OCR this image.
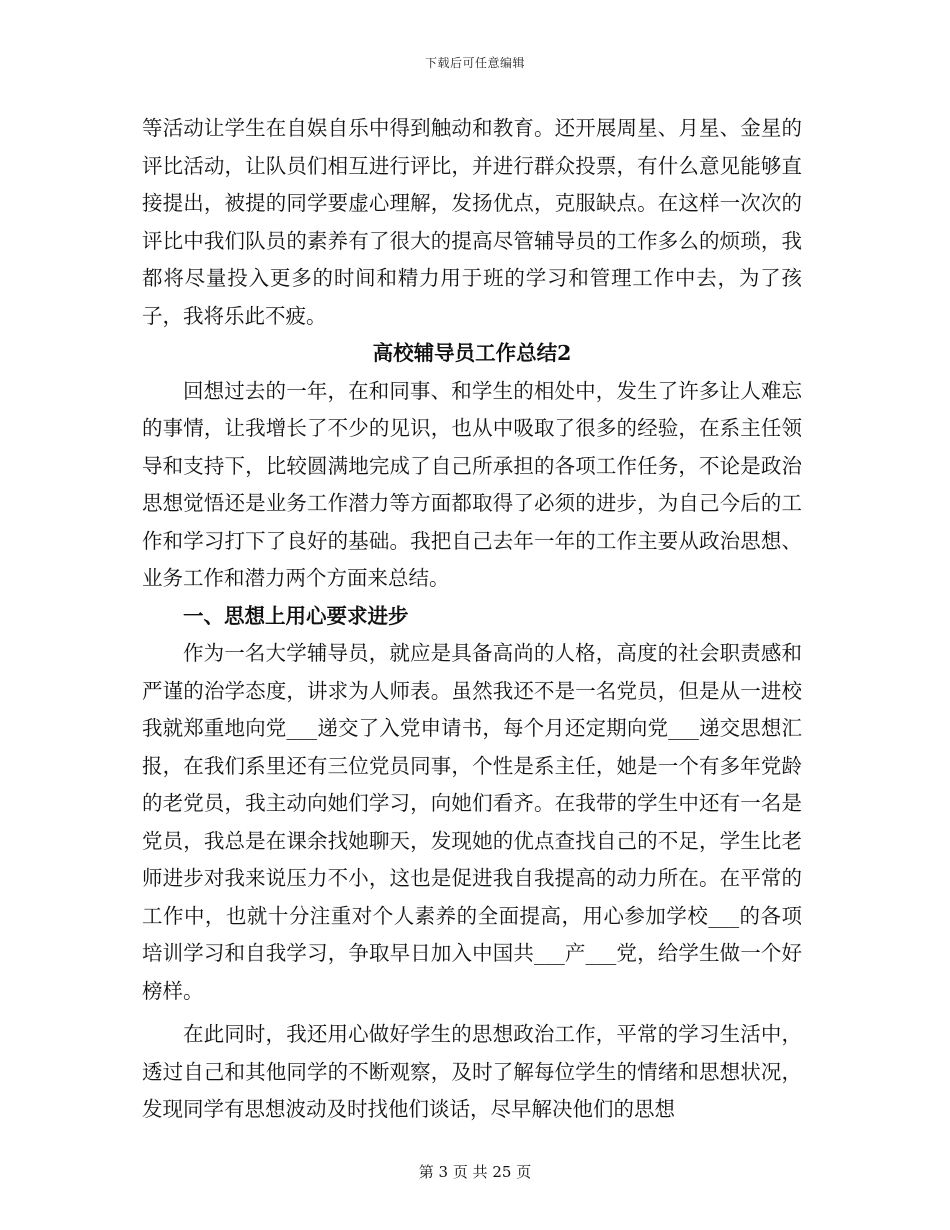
下载后可任意编辑

等活动让学生在自娱自乐中得到触动和教育。还开展周星、月星、金星的评比活动，让队员们相互进行评比，并进行群众投票，有什么意见能够直接提出，被提的同学要虚心理解，发扬优点，克服缺点。在这样一次次的评比中我们队员的素养有了很大的提高尽管辅导员的工作多么的烦琐，我都将尽量投入更多的时间和精力用于班的学习和管理工作中去，为了孩子，我将乐此不疲。

高校辅导员工作总结2

回想过去的一年，在和同事、和学生的相处中，发生了许多让人难忘的事情，让我增长了不少的见识，也从中吸取了很多的经验，在系主任领导和支持下，比较圆满地完成了自己所承担的各项工作任务，不论是政治思想觉悟还是业务工作潜力等方面都取得了必须的进步，为自己今后的工作和学习打下了良好的基础。我把自己去年一年的工作主要从政治思想、业务工作和潜力两个方面来总结。

一、思想上用心要求进步

作为一名大学辅导员，就应是具备高尚的人格，高度的社会职责感和严谨的治学态度，讲求为人师表。虽然我还不是一名党员，但是从一进校我就郑重地向党___递交了入党申请书，每个月还定期向党___递交思想汇报，在我们系里还有三位党员同事，个性是系主任，她是一个有多年党龄的老党员，我主动向她们学习，向她们看齐。在我带的学生中还有一名是党员，我总是在课余找她聊天，发现她的优点查找自己的不足，学生比老师进步对我来说压力不小，这也是促进我自我提高的动力所在。在平常的工作中，也就十分注重对个人素养的全面提高，用心参加学校___的各项培训学习和自我学习，争取早日加入中国共___产___党，给学生做一个好榜样。

在此同时，我还用心做好学生的思想政治工作，平常的学习生活中，透过自己和其他同学的不断观察，及时了解每位学生的情绪和思想状况，发现同学有思想波动及时找他们谈话，尽早解决他们的思想

第 3 页 共 25 页
